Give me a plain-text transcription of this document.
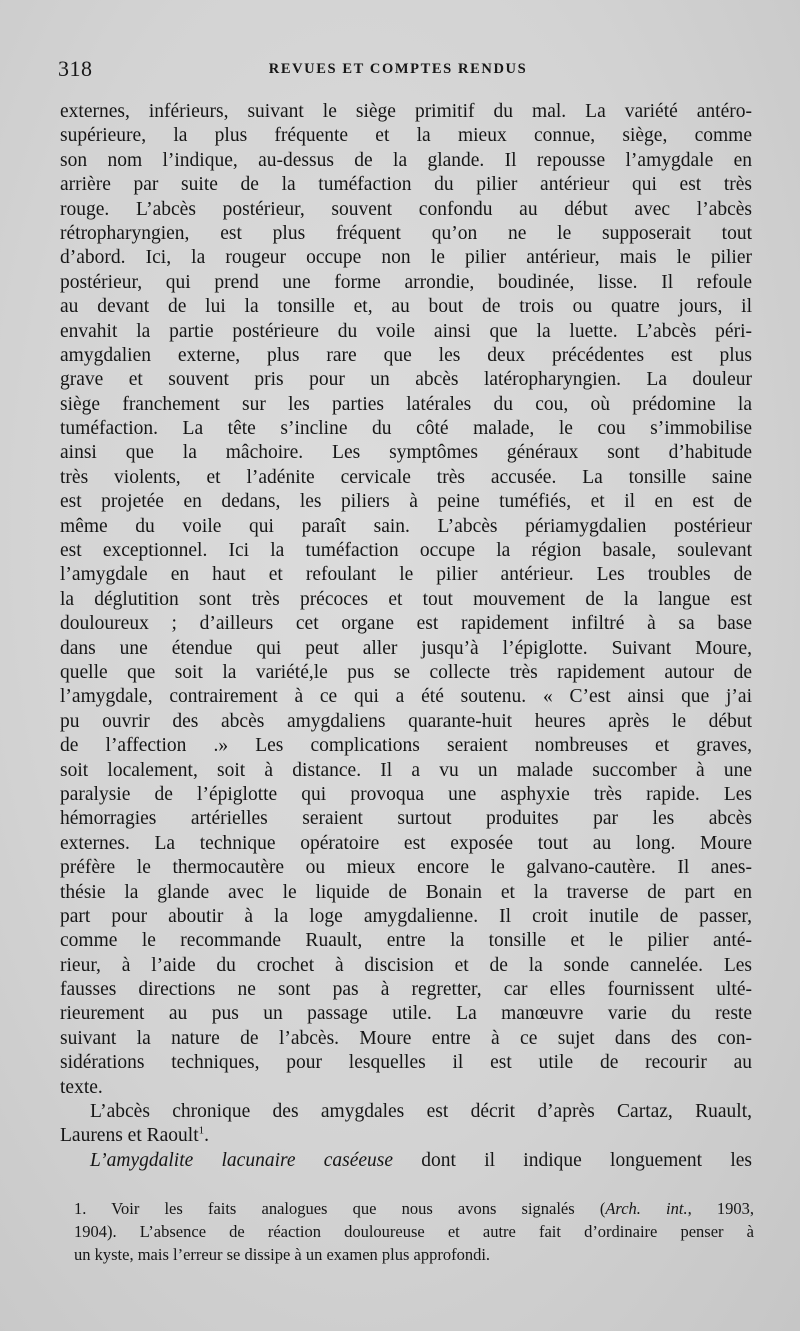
318	REVUES ET COMPTES RENDUS
externes, inférieurs, suivant le siège primitif du mal. La variété antéro-
supérieure, la plus fréquente et la mieux connue, siège, comme
son nom l’indique, au-dessus de la glande. Il repousse l’amygdale en
arrière par suite de la tuméfaction du pilier antérieur qui est très
rouge. L’abcès postérieur, souvent confondu au début avec l’abcès
rétropharyngien, est plus fréquent qu’on ne le supposerait tout
d’abord. Ici, la rougeur occupe non le pilier antérieur, mais le pilier
postérieur, qui prend une forme arrondie, boudinée, lisse. Il refoule
au devant de lui la tonsille et, au bout de trois ou quatre jours, il
envahit la partie postérieure du voile ainsi que la luette. L’abcès péri-
amygdalien externe, plus rare que les deux précédentes est plus
grave et souvent pris pour un abcès latéropharyngien. La douleur
siège franchement sur les parties latérales du cou, où prédomine la
tuméfaction. La tête s’incline du côté malade, le cou s’immobilise
ainsi que la mâchoire. Les symptômes généraux sont d’habitude
très violents, et l’adénite cervicale très accusée. La tonsille saine
est projetée en dedans, les piliers à peine tuméfiés, et il en est de
même du voile qui paraît sain. L’abcès périamygdalien postérieur
est exceptionnel. Ici la tuméfaction occupe la région basale, soulevant
l’amygdale en haut et refoulant le pilier antérieur. Les troubles de
la déglutition sont très précoces et tout mouvement de la langue est
douloureux ; d’ailleurs cet organe est rapidement infiltré à sa base
dans une étendue qui peut aller jusqu’à l’épiglotte. Suivant Moure,
quelle que soit la variété,le pus se collecte très rapidement autour de
l’amygdale, contrairement à ce qui a été soutenu. « C’est ainsi que j’ai
pu ouvrir des abcès amygdaliens quarante-huit heures après le début
de l’affection .» Les complications seraient nombreuses et graves,
soit localement, soit à distance. Il a vu un malade succomber à une
paralysie de l’épiglotte qui provoqua une asphyxie très rapide. Les
hémorragies artérielles seraient surtout produites par les abcès
externes. La technique opératoire est exposée tout au long. Moure
préfère le thermocautère ou mieux encore le galvano-cautère. Il anes-
thésie la glande avec le liquide de Bonain et la traverse de part en
part pour aboutir à la loge amygdalienne. Il croit inutile de passer,
comme le recommande Ruault, entre la tonsille et le pilier anté-
rieur, à l’aide du crochet à discision et de la sonde cannelée. Les
fausses directions ne sont pas à regretter, car elles fournissent ulté-
rieurement au pus un passage utile. La manœuvre varie du reste
suivant la nature de l’abcès. Moure entre à ce sujet dans des con-
sidérations techniques, pour lesquelles il est utile de recourir au
texte.
L’abcès chronique des amygdales est décrit d’après Cartaz, Ruault,
Laurens et Raoult$^1$.
L’amygdalite lacunaire caséeuse dont il indique longuement les
1. Voir les faits analogues que nous avons signalés (Arch. int., 1903,
1904). L’absence de réaction douloureuse et autre fait d’ordinaire penser à
un kyste, mais l’erreur se dissipe à un examen plus approfondi.
